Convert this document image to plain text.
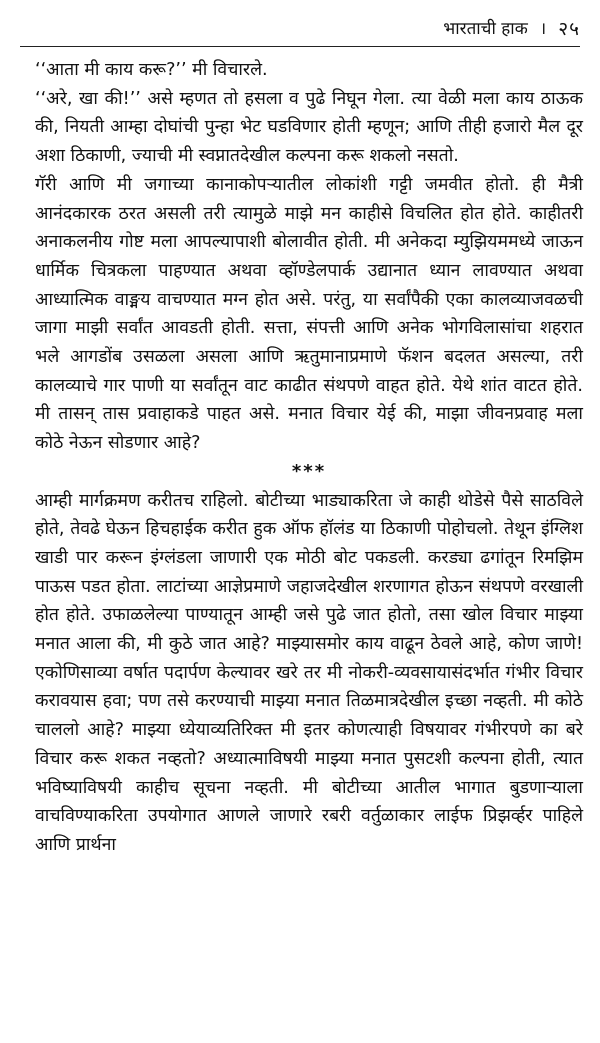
भारताची हाक । २५

‘‘आता मी काय करू?’’ मी विचारले.

‘‘अरे, खा की!’’ असे म्हणत तो हसला व पुढे निघून गेला. त्या वेळी मला काय ठाऊक की, नियती आम्हा दोघांची पुन्हा भेट घडविणार होती म्हणून; आणि तीही हजारो मैल दूर अशा ठिकाणी, ज्याची मी स्वप्नातदेखील कल्पना करू शकलो नसतो.

गॅरी आणि मी जगाच्या कानाकोपऱ्यातील लोकांशी गट्टी जमवीत होतो. ही मैत्री आनंदकारक ठरत असली तरी त्यामुळे माझे मन काहीसे विचलित होत होते. काहीतरी अनाकलनीय गोष्ट मला आपल्यापाशी बोलावीत होती. मी अनेकदा म्युझियममध्ये जाऊन धार्मिक चित्रकला पाहण्यात अथवा व्हॉण्डेलपार्क उद्यानात ध्यान लावण्यात अथवा आध्यात्मिक वाङ्मय वाचण्यात मग्न होत असे. परंतु, या सर्वांपैकी एका कालव्याजवळची जागा माझी सर्वांत आवडती होती. सत्ता, संपत्ती आणि अनेक भोगविलासांचा शहरात भले आगडोंब उसळला असला आणि ऋतुमानाप्रमाणे फॅशन बदलत असल्या, तरी कालव्याचे गार पाणी या सर्वांतून वाट काढीत संथपणे वाहत होते. येथे शांत वाटत होते. मी तासन् तास प्रवाहाकडे पाहत असे. मनात विचार येई की, माझा जीवनप्रवाह मला कोठे नेऊन सोडणार आहे?

***

आम्ही मार्गक्रमण करीतच राहिलो. बोटीच्या भाड्याकरिता जे काही थोडेसे पैसे साठविले होते, तेवढे घेऊन हिचहाईक करीत हुक ऑफ हॉलंड या ठिकाणी पोहोचलो. तेथून इंग्लिश खाडी पार करून इंग्लंडला जाणारी एक मोठी बोट पकडली. करड्या ढगांतून रिमझिम पाऊस पडत होता. लाटांच्या आज्ञेप्रमाणे जहाजदेखील शरणागत होऊन संथपणे वरखाली होत होते. उफाळलेल्या पाण्यातून आम्ही जसे पुढे जात होतो, तसा खोल विचार माझ्या मनात आला की, मी कुठे जात आहे? माझ्यासमोर काय वाढून ठेवले आहे, कोण जाणे! एकोणिसाव्या वर्षात पदार्पण केल्यावर खरे तर मी नोकरी-व्यवसायासंदर्भात गंभीर विचार करावयास हवा; पण तसे करण्याची माझ्या मनात तिळमात्रदेखील इच्छा नव्हती. मी कोठे चाललो आहे? माझ्या ध्येयाव्यतिरिक्त मी इतर कोणत्याही विषयावर गंभीरपणे का बरे विचार करू शकत नव्हतो? अध्यात्माविषयी माझ्या मनात पुसटशी कल्पना होती, त्यात भविष्याविषयी काहीच सूचना नव्हती. मी बोटीच्या आतील भागात बुडणाऱ्याला वाचविण्याकरिता उपयोगात आणले जाणारे रबरी वर्तुळाकार लाईफ प्रिझर्व्हर पाहिले आणि प्रार्थना
